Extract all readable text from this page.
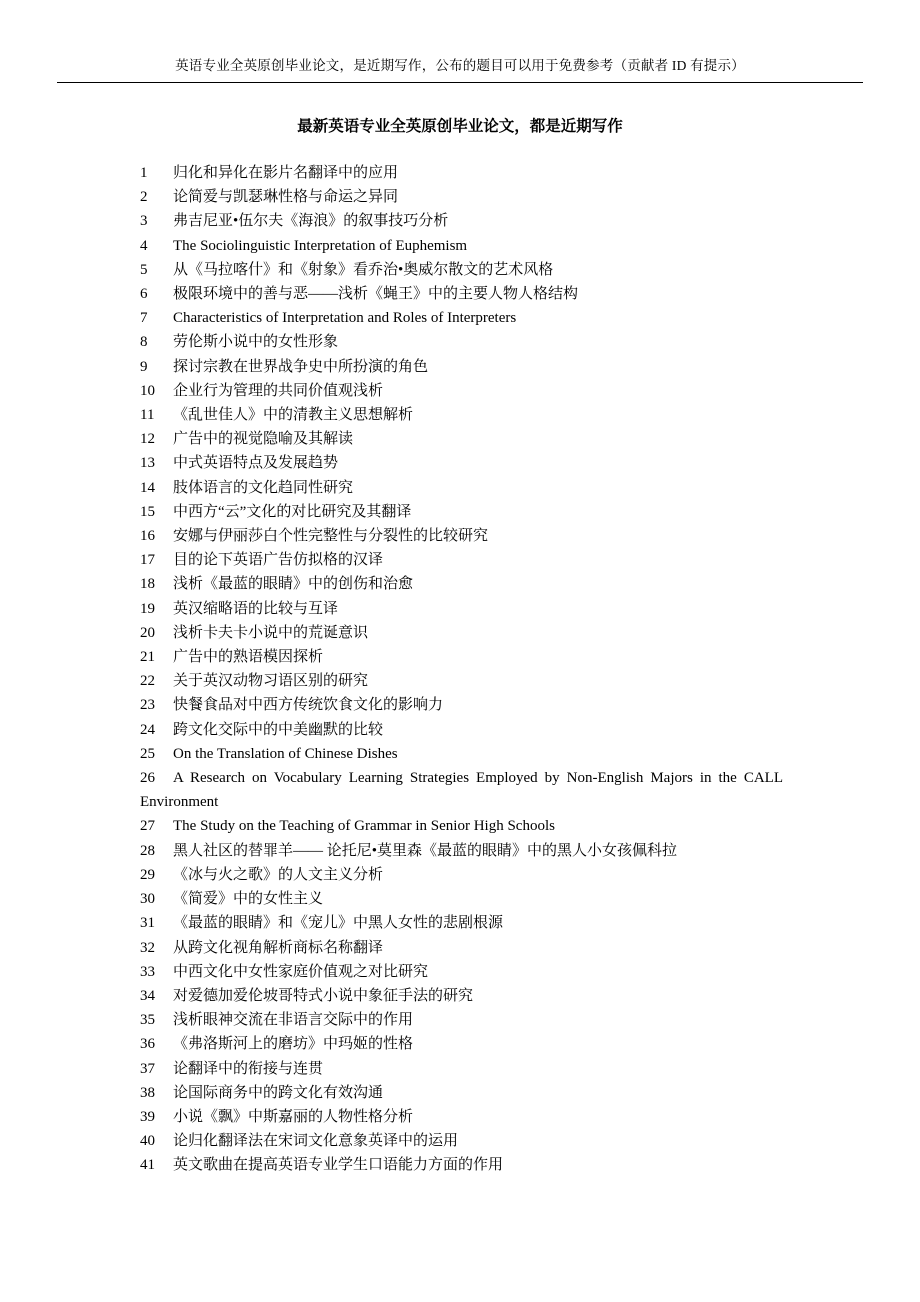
英语专业全英原创毕业论文，是近期写作，公布的题目可以用于免费参考（贡献者 ID 有提示）
最新英语专业全英原创毕业论文，都是近期写作
1 归化和异化在影片名翻译中的应用
2 论简爱与凯瑟琳性格与命运之异同
3 弗吉尼亚•伍尔夫《海浪》的叙事技巧分析
4 The Sociolinguistic Interpretation of Euphemism
5 从《马拉喀什》和《射象》看乔治•奥威尔散文的艺术风格
6 极限环境中的善与恶——浅析《蝇王》中的主要人物人格结构
7 Characteristics of Interpretation and Roles of Interpreters
8 劳伦斯小说中的女性形象
9 探讨宗教在世界战争史中所扮演的角色
10 企业行为管理的共同价值观浅析
11 《乱世佳人》中的清教主义思想解析
12 广告中的视觉隐喻及其解读
13 中式英语特点及发展趋势
14 肢体语言的文化趋同性研究
15 中西方“云”文化的对比研究及其翻译
16 安娜与伊丽莎白个性完整性与分裂性的比较研究
17 目的论下英语广告仿拟格的汉译
18 浅析《最蓝的眼睛》中的创伤和治愈
19 英汉缩略语的比较与互译
20 浅析卡夫卡小说中的荒诞意识
21 广告中的熟语模因探析
22 关于英汉动物习语区别的研究
23 快餐食品对中西方传统饮食文化的影响力
24 跨文化交际中的中美幽默的比较
25 On the Translation of Chinese Dishes
26 A Research on Vocabulary Learning Strategies Employed by Non-English Majors in the CALL Environment
27 The Study on the Teaching of Grammar in Senior High Schools
28 黑人社区的替罪羊—— 论托尼•莫里森《最蓝的眼睛》中的黑人小女孩佩科拉
29 《冰与火之歌》的人文主义分析
30 《简爱》中的女性主义
31 《最蓝的眼睛》和《宠儿》中黑人女性的悲剧根源
32 从跨文化视角解析商标名称翻译
33 中西文化中女性家庭价值观之对比研究
34 对爱德加爱伦坡哥特式小说中象征手法的研究
35 浅析眼神交流在非语言交际中的作用
36 《弗洛斯河上的磨坊》中玛姬的性格
37 论翻译中的衔接与连贯
38 论国际商务中的跨文化有效沟通
39 小说《飘》中斯嘉丽的人物性格分析
40 论归化翻译法在宋词文化意象英译中的运用
41 英文歌曲在提高英语专业学生口语能力方面的作用
